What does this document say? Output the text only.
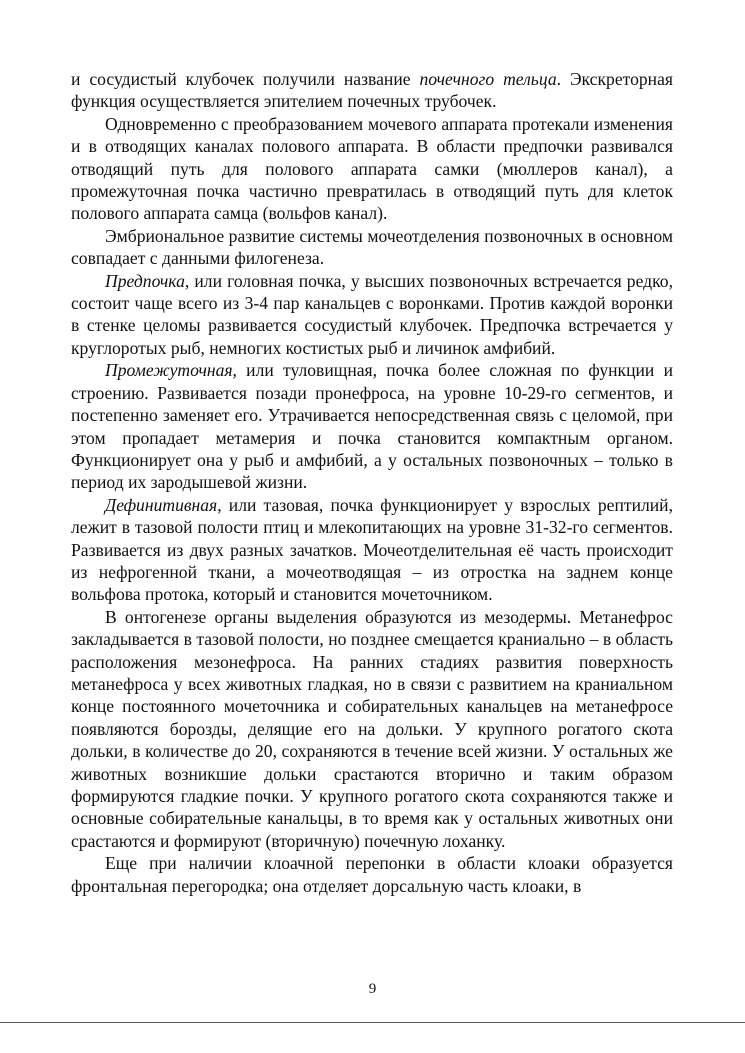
и сосудистый клубочек получили название почечного тельца. Экскреторная функция осуществляется эпителием почечных трубочек.

Одновременно с преобразованием мочевого аппарата протекали изменения и в отводящих каналах полового аппарата. В области предпочки развивался отводящий путь для полового аппарата самки (мюллеров канал), а промежуточная почка частично превратилась в отводящий путь для клеток полового аппарата самца (вольфов канал).

Эмбриональное развитие системы мочеотделения позвоночных в основном совпадает с данными филогенеза.

Предпочка, или головная почка, у высших позвоночных встречается редко, состоит чаще всего из 3-4 пар канальцев с воронками. Против каждой воронки в стенке целомы развивается сосудистый клубочек. Предпочка встречается у круглоротых рыб, немногих костистых рыб и личинок амфибий.

Промежуточная, или туловищная, почка более сложная по функции и строению. Развивается позади пронефроса, на уровне 10-29-го сегментов, и постепенно заменяет его. Утрачивается непосредственная связь с целомой, при этом пропадает метамерия и почка становится компактным органом. Функционирует она у рыб и амфибий, а у остальных позвоночных – только в период их зародышевой жизни.

Дефинитивная, или тазовая, почка функционирует у взрослых рептилий, лежит в тазовой полости птиц и млекопитающих на уровне 31-32-го сегментов. Развивается из двух разных зачатков. Мочеотделительная её часть происходит из нефрогенной ткани, а мочеотводящая – из отростка на заднем конце вольфова протока, который и становится мочеточником.

В онтогенезе органы выделения образуются из мезодермы. Метанефрос закладывается в тазовой полости, но позднее смещается краниально – в область расположения мезонефроса. На ранних стадиях развития поверхность метанефроса у всех животных гладкая, но в связи с развитием на краниальном конце постоянного мочеточника и собирательных канальцев на метанефросе появляются борозды, делящие его на дольки. У крупного рогатого скота дольки, в количестве до 20, сохраняются в течение всей жизни. У остальных же животных возникшие дольки срастаются вторично и таким образом формируются гладкие почки. У крупного рогатого скота сохраняются также и основные собирательные канальцы, в то время как у остальных животных они срастаются и формируют (вторичную) почечную лоханку.

Еще при наличии клоачной перепонки в области клоаки образуется фронтальная перегородка; она отделяет дорсальную часть клоаки, в

9
